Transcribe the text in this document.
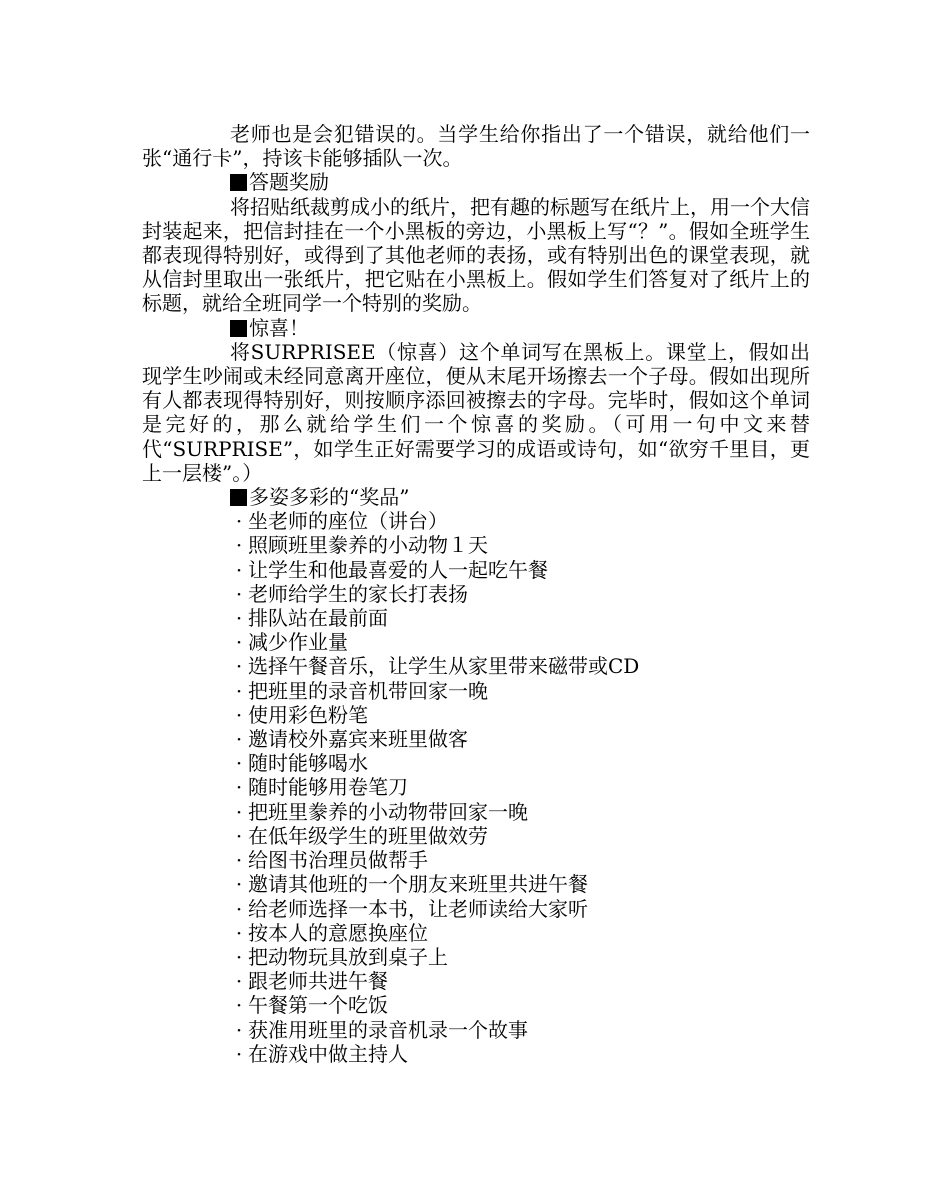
老师也是会犯错误的。当学生给你指出了一个错误，就给他们一张“通行卡”，持该卡能够插队一次。

答题奖励

将招贴纸裁剪成小的纸片，把有趣的标题写在纸片上，用一个大信封装起来，把信封挂在一个小黑板的旁边，小黑板上写“？”。假如全班学生都表现得特别好，或得到了其他老师的表扬，或有特别出色的课堂表现，就从信封里取出一张纸片，把它贴在小黑板上。假如学生们答复对了纸片上的标题，就给全班同学一个特别的奖励。

惊喜！

将SURPRISEE（惊喜）这个单词写在黑板上。课堂上，假如出现学生吵闹或未经同意离开座位，便从末尾开场擦去一个子母。假如出现所有人都表现得特别好，则按顺序添回被擦去的字母。完毕时，假如这个单词是完好的，那么就给学生们一个惊喜的奖励。（可用一句中文来替代“SURPRISE”，如学生正好需要学习的成语或诗句，如“欲穷千里目，更上一层楼”。）

多姿多彩的“奖品”
· 坐老师的座位（讲台）
· 照顾班里豢养的小动物１天
· 让学生和他最喜爱的人一起吃午餐
· 老师给学生的家长打表扬
· 排队站在最前面
· 减少作业量
· 选择午餐音乐，让学生从家里带来磁带或CD
· 把班里的录音机带回家一晚
· 使用彩色粉笔
· 邀请校外嘉宾来班里做客
· 随时能够喝水
· 随时能够用卷笔刀
· 把班里豢养的小动物带回家一晚
· 在低年级学生的班里做效劳
· 给图书治理员做帮手
· 邀请其他班的一个朋友来班里共进午餐
· 给老师选择一本书，让老师读给大家听
· 按本人的意愿换座位
· 把动物玩具放到桌子上
· 跟老师共进午餐
· 午餐第一个吃饭
· 获准用班里的录音机录一个故事
· 在游戏中做主持人
